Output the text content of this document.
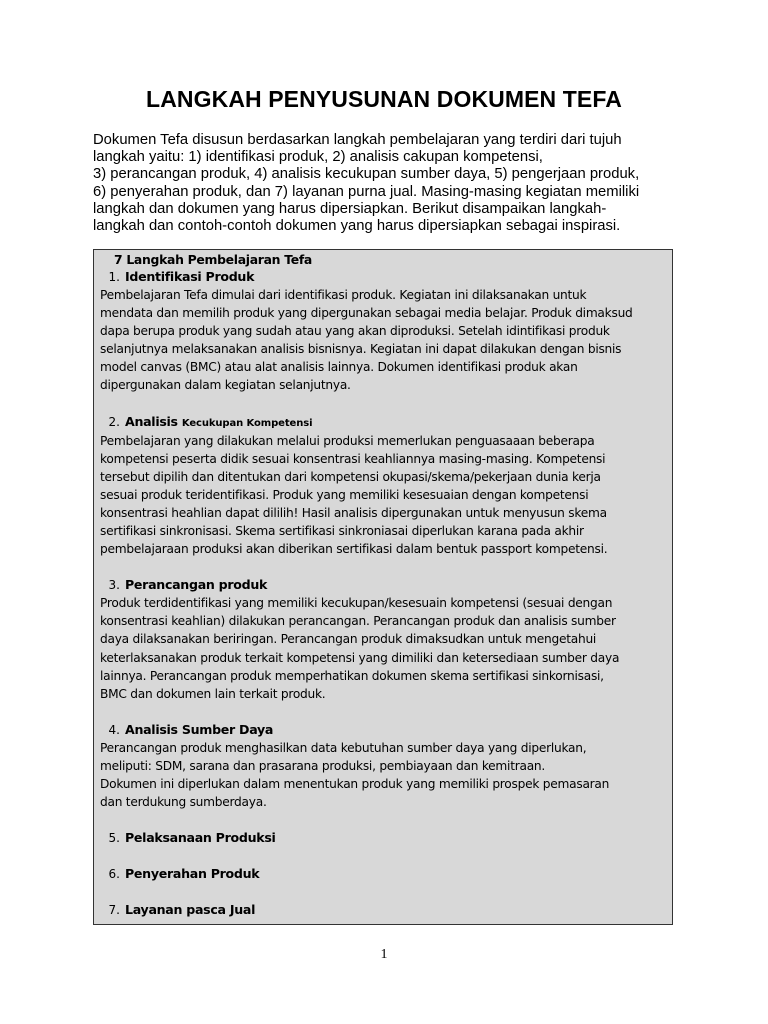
LANGKAH PENYUSUNAN DOKUMEN TEFA
Dokumen Tefa disusun berdasarkan langkah pembelajaran yang terdiri dari tujuh
langkah yaitu: 1) identifikasi produk, 2) analisis cakupan kompetensi,
3) perancangan produk, 4) analisis kecukupan sumber daya, 5) pengerjaan produk,
6) penyerahan produk, dan 7) layanan purna jual. Masing-masing kegiatan memiliki
langkah dan dokumen yang harus dipersiapkan. Berikut disampaikan langkah-
langkah dan contoh-contoh dokumen yang harus dipersiapkan sebagai inspirasi.

7 Langkah Pembelajaran Tefa

1. Identifikasi Produk

Pembelajaran Tefa dimulai dari identifikasi produk. Kegiatan ini dilaksanakan untuk
mendata dan memilih produk yang dipergunakan sebagai media belajar. Produk dimaksud
dapa berupa produk yang sudah atau yang akan diproduksi. Setelah idintifikasi produk
selanjutnya melaksanakan analisis bisnisnya. Kegiatan ini dapat dilakukan dengan bisnis
model canvas (BMC) atau alat analisis lainnya. Dokumen identifikasi produk akan
dipergunakan dalam kegiatan selanjutnya.

2. Analisis Kecukupan Kompetensi

Pembelajaran yang dilakukan melalui produksi memerlukan penguasaaan beberapa
kompetensi peserta didik sesuai konsentrasi keahliannya masing-masing. Kompetensi
tersebut dipilih dan ditentukan dari kompetensi okupasi/skema/pekerjaan dunia kerja
sesuai produk teridentifikasi. Produk yang memiliki kesesuaian dengan kompetensi
konsentrasi heahlian dapat dililih! Hasil analisis dipergunakan untuk menyusun skema
sertifikasi sinkronisasi. Skema sertifikasi sinkroniasai diperlukan karana pada akhir
pembelajaraan produksi akan diberikan sertifikasi dalam bentuk passport kompetensi.

3. Perancangan produk

Produk terdidentifikasi yang memiliki kecukupan/kesesuain kompetensi (sesuai dengan
konsentrasi keahlian) dilakukan perancangan. Perancangan produk dan analisis sumber
daya dilaksanakan beriringan. Perancangan produk dimaksudkan untuk mengetahui
keterlaksanakan produk terkait kompetensi yang dimiliki dan ketersediaan sumber daya
lainnya. Perancangan produk memperhatikan dokumen skema sertifikasi sinkornisasi,
BMC dan dokumen lain terkait produk.

4. Analisis Sumber Daya

Perancangan produk menghasilkan data kebutuhan sumber daya yang diperlukan,
meliputi: SDM, sarana dan prasarana produksi, pembiayaan dan kemitraan.
Dokumen ini diperlukan dalam menentukan produk yang memiliki prospek pemasaran
dan terdukung sumberdaya.

5. Pelaksanaan Produksi
6. Penyerahan Produk
7. Layanan pasca Jual
1
